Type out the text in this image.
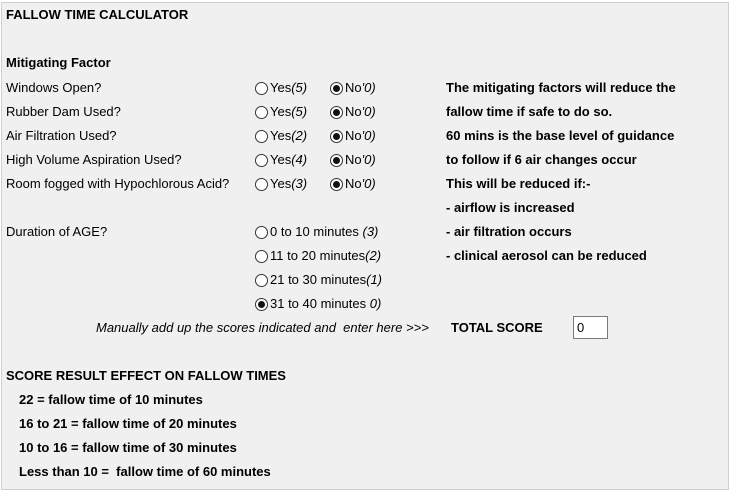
FALLOW TIME CALCULATOR
Mitigating Factor
Windows Open?	Yes (5)	No '0)
Rubber Dam Used?	Yes (5)	No '0)
Air Filtration Used?	Yes (2)	No '0)
High Volume Aspiration Used?	Yes (4)	No '0)
Room fogged with Hypochlorous Acid?	Yes (3)	No '0)
The mitigating factors will reduce the
fallow time if safe to do so.
60 mins is the base level of guidance
to follow if 6 air changes occur
This will be reduced if:-
- airflow is increased
- air filtration occurs
- clinical aerosol can be reduced
Duration of AGE?	0 to 10 minutes (3)
11 to 20 minutes (2)
21 to 30 minutes (1)
31 to 40 minutes 0)
Manually add up the scores indicated and  enter here >>> TOTAL SCORE
0
SCORE RESULT EFFECT ON FALLOW TIMES
22 = fallow time of 10 minutes
16 to 21 = fallow time of 20 minutes
10 to 16 = fallow time of 30 minutes
Less than 10 =  fallow time of 60 minutes
